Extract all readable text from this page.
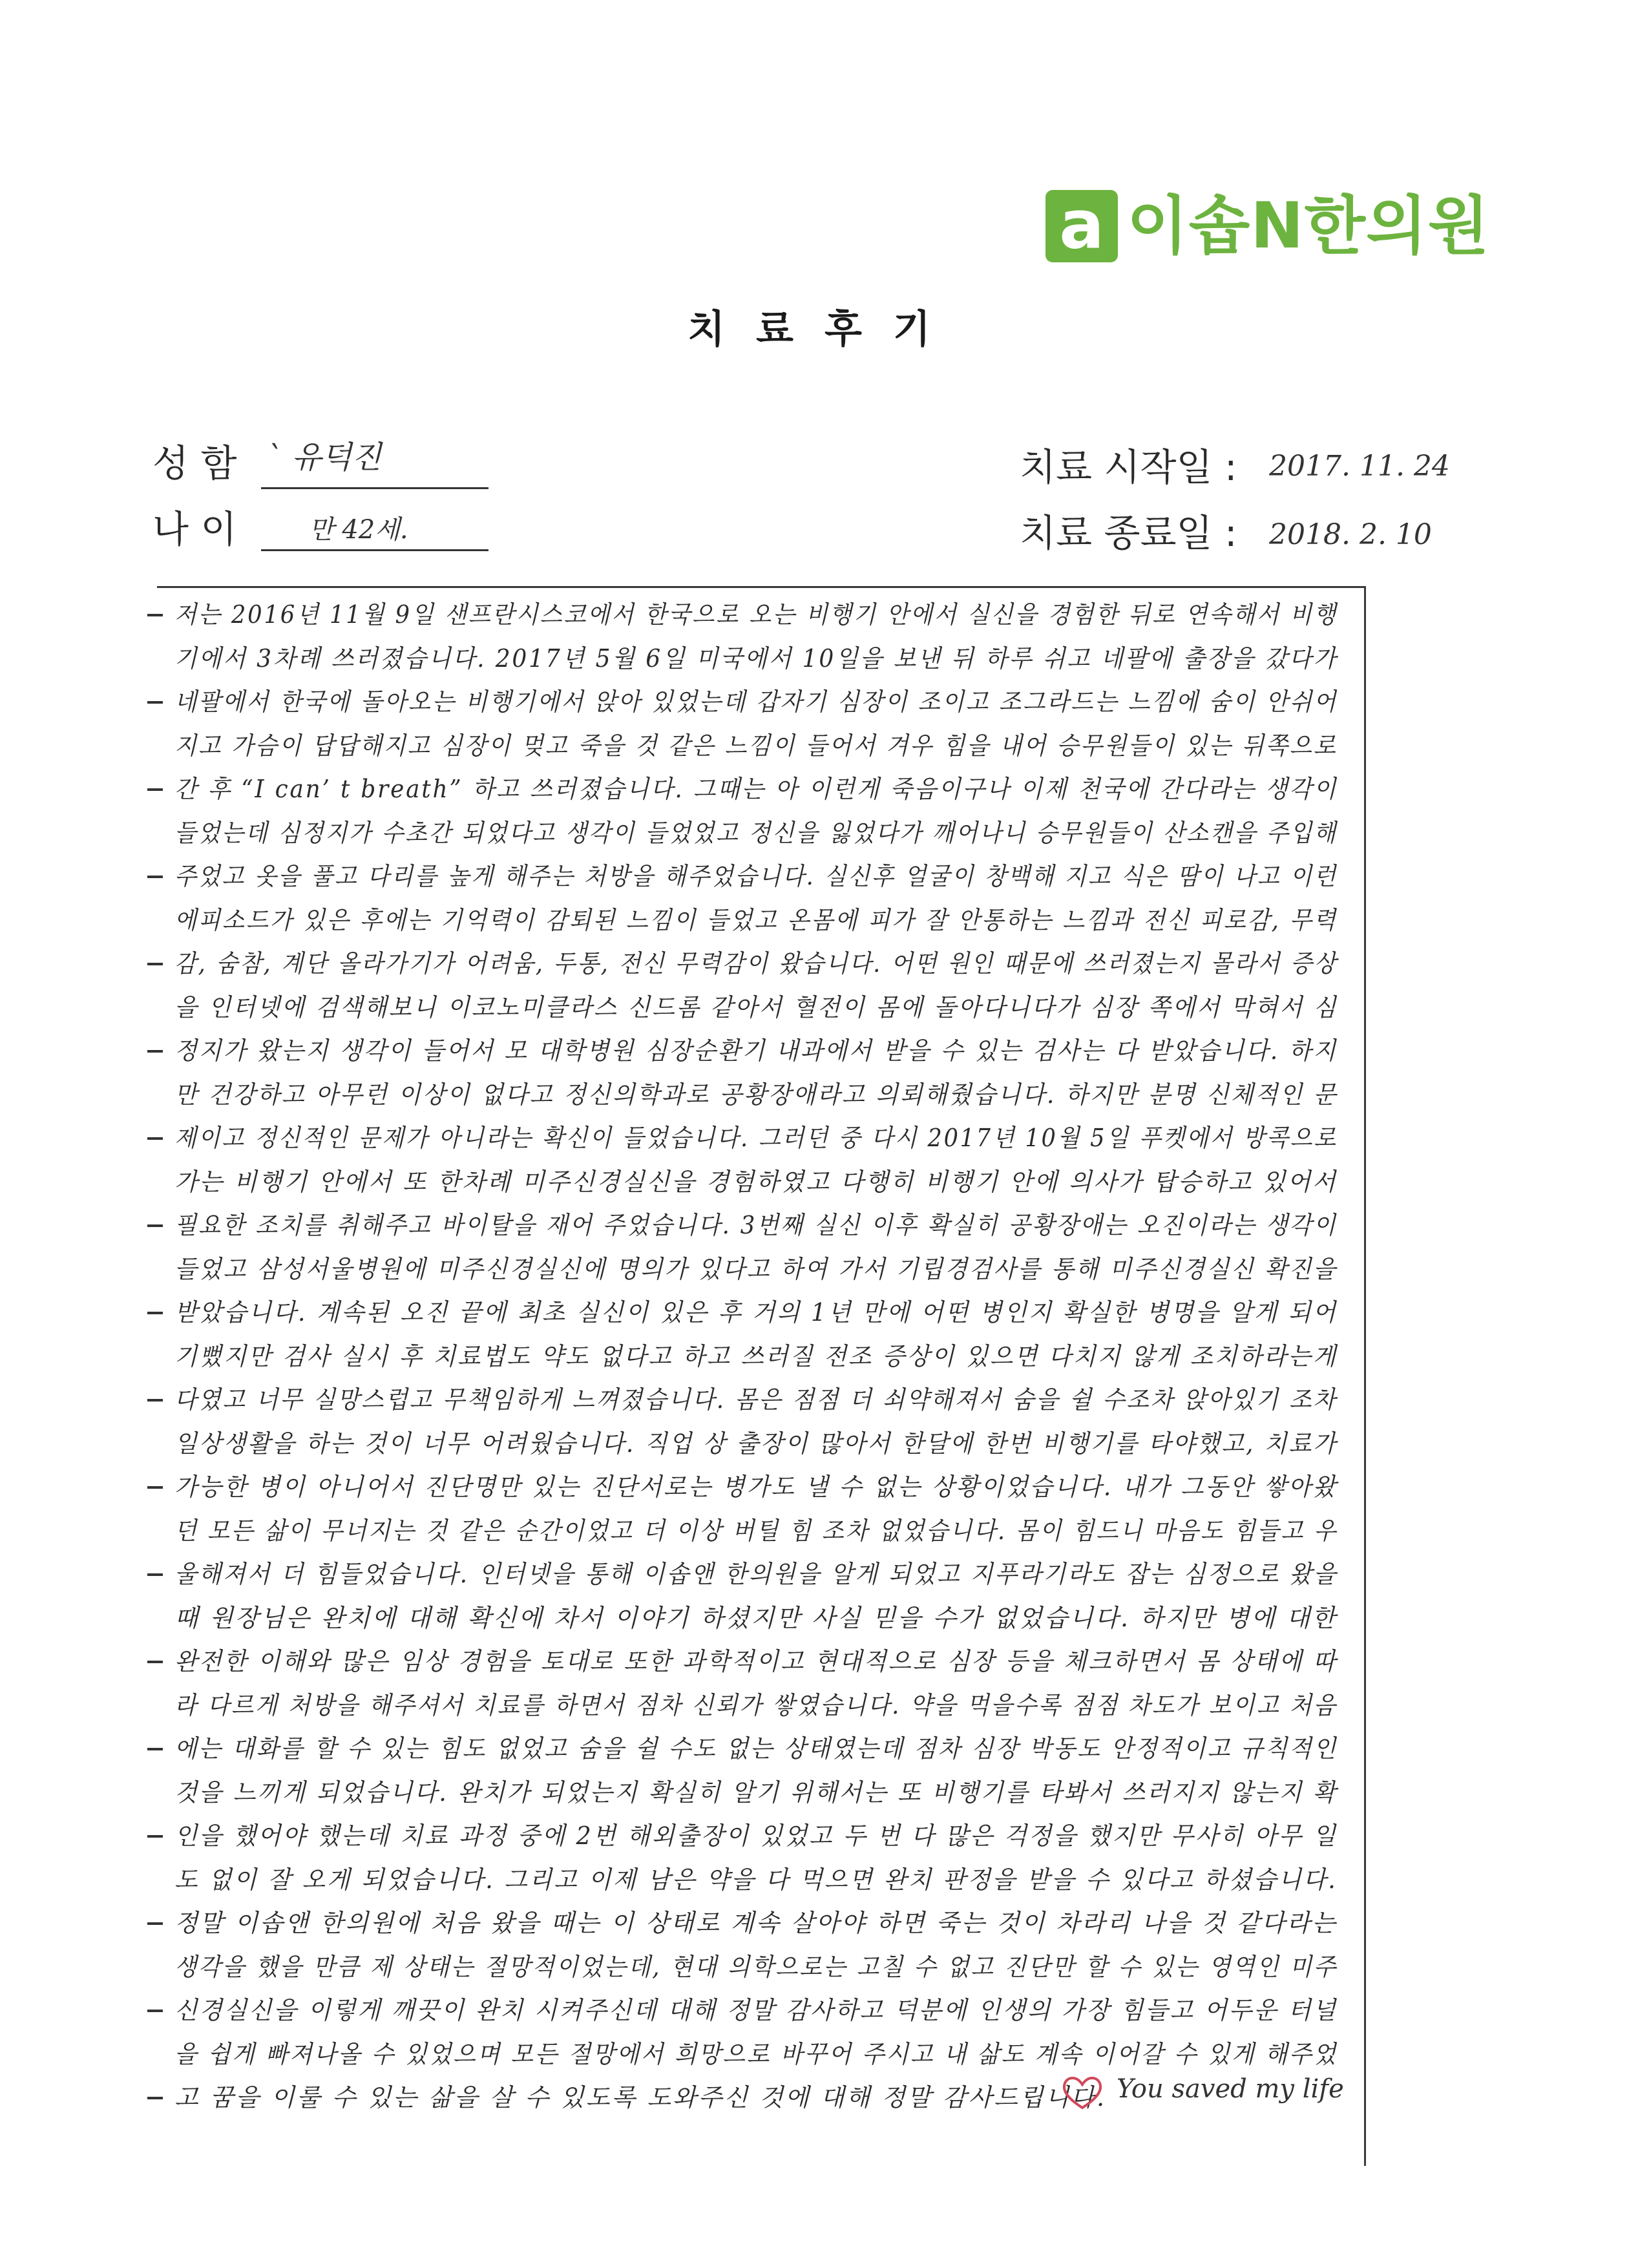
a 이솝N한의원
치료후기
성 함 ` 유덕진
나 이	만 42세.
치료 시작일 : 2017. 11. 24
치료 종료일 : 2018. 2. 10
저는 2016년 11월 9일 샌프란시스코에서 한국으로 오는 비행기 안에서 실신을 경험한 뒤로 연속해서 비행
기에서 3차례 쓰러졌습니다. 2017년 5월 6일 미국에서 10일을 보낸 뒤 하루 쉬고 네팔에 출장을 갔다가
네팔에서 한국에 돌아오는 비행기에서 앉아 있었는데 갑자기 심장이 조이고 조그라드는 느낌에 숨이 안쉬어
지고 가슴이 답답해지고 심장이 멎고 죽을 것 같은 느낌이 들어서 겨우 힘을 내어 승무원들이 있는 뒤쪽으로
간 후 “I can’ t breath” 하고 쓰러졌습니다. 그때는 아 이런게 죽음이구나 이제 천국에 간다라는 생각이
들었는데 심정지가 수초간 되었다고 생각이 들었었고 정신을 잃었다가 깨어나니 승무원들이 산소캔을 주입해
주었고 옷을 풀고 다리를 높게 해주는 처방을 해주었습니다. 실신후 얼굴이 창백해 지고 식은 땀이 나고 이런
에피소드가 있은 후에는 기억력이 감퇴된 느낌이 들었고 온몸에 피가 잘 안통하는 느낌과 전신 피로감, 무력
감, 숨참, 계단 올라가기가 어려움, 두통, 전신 무력감이 왔습니다. 어떤 원인 때문에 쓰러졌는지 몰라서 증상
을 인터넷에 검색해보니 이코노미클라스 신드롬 같아서 혈전이 몸에 돌아다니다가 심장 쪽에서 막혀서 심
정지가 왔는지 생각이 들어서 모 대학병원 심장순환기 내과에서 받을 수 있는 검사는 다 받았습니다. 하지
만 건강하고 아무런 이상이 없다고 정신의학과로 공황장애라고 의뢰해줬습니다. 하지만 분명 신체적인 문
제이고 정신적인 문제가 아니라는 확신이 들었습니다. 그러던 중 다시 2017년 10월 5일 푸켓에서 방콕으로
가는 비행기 안에서 또 한차례 미주신경실신을 경험하였고 다행히 비행기 안에 의사가 탑승하고 있어서
필요한 조치를 취해주고 바이탈을 재어 주었습니다. 3번째 실신 이후 확실히 공황장애는 오진이라는 생각이
들었고 삼성서울병원에 미주신경실신에 명의가 있다고 하여 가서 기립경검사를 통해 미주신경실신 확진을
받았습니다. 계속된 오진 끝에 최초 실신이 있은 후 거의 1년 만에 어떤 병인지 확실한 병명을 알게 되어
기뻤지만 검사 실시 후 치료법도 약도 없다고 하고 쓰러질 전조 증상이 있으면 다치지 않게 조치하라는게
다였고 너무 실망스럽고 무책임하게 느껴졌습니다. 몸은 점점 더 쇠약해져서 숨을 쉴 수조차 앉아있기 조차
일상생활을 하는 것이 너무 어려웠습니다. 직업 상 출장이 많아서 한달에 한번 비행기를 타야했고, 치료가
가능한 병이 아니어서 진단명만 있는 진단서로는 병가도 낼 수 없는 상황이었습니다. 내가 그동안 쌓아왔
던 모든 삶이 무너지는 것 같은 순간이었고 더 이상 버틸 힘 조차 없었습니다. 몸이 힘드니 마음도 힘들고 우
울해져서 더 힘들었습니다. 인터넷을 통해 이솝앤 한의원을 알게 되었고 지푸라기라도 잡는 심정으로 왔을
때 원장님은 완치에 대해 확신에 차서 이야기 하셨지만 사실 믿을 수가 없었습니다. 하지만 병에 대한
완전한 이해와 많은 임상 경험을 토대로 또한 과학적이고 현대적으로 심장 등을 체크하면서 몸 상태에 따
라 다르게 처방을 해주셔서 치료를 하면서 점차 신뢰가 쌓였습니다. 약을 먹을수록 점점 차도가 보이고 처음
에는 대화를 할 수 있는 힘도 없었고 숨을 쉴 수도 없는 상태였는데 점차 심장 박동도 안정적이고 규칙적인
것을 느끼게 되었습니다. 완치가 되었는지 확실히 알기 위해서는 또 비행기를 타봐서 쓰러지지 않는지 확
인을 했어야 했는데 치료 과정 중에 2번 해외출장이 있었고 두 번 다 많은 걱정을 했지만 무사히 아무 일
도 없이 잘 오게 되었습니다. 그리고 이제 남은 약을 다 먹으면 완치 판정을 받을 수 있다고 하셨습니다.
정말 이솝앤 한의원에 처음 왔을 때는 이 상태로 계속 살아야 하면 죽는 것이 차라리 나을 것 같다라는
생각을 했을 만큼 제 상태는 절망적이었는데, 현대 의학으로는 고칠 수 없고 진단만 할 수 있는 영역인 미주
신경실신을 이렇게 깨끗이 완치 시켜주신데 대해 정말 감사하고 덕분에 인생의 가장 힘들고 어두운 터널
을 쉽게 빠져나올 수 있었으며 모든 절망에서 희망으로 바꾸어 주시고 내 삶도 계속 이어갈 수 있게 해주었
고 꿈을 이룰 수 있는 삶을 살 수 있도록 도와주신 것에 대해 정말 감사드립니다. You saved my life
